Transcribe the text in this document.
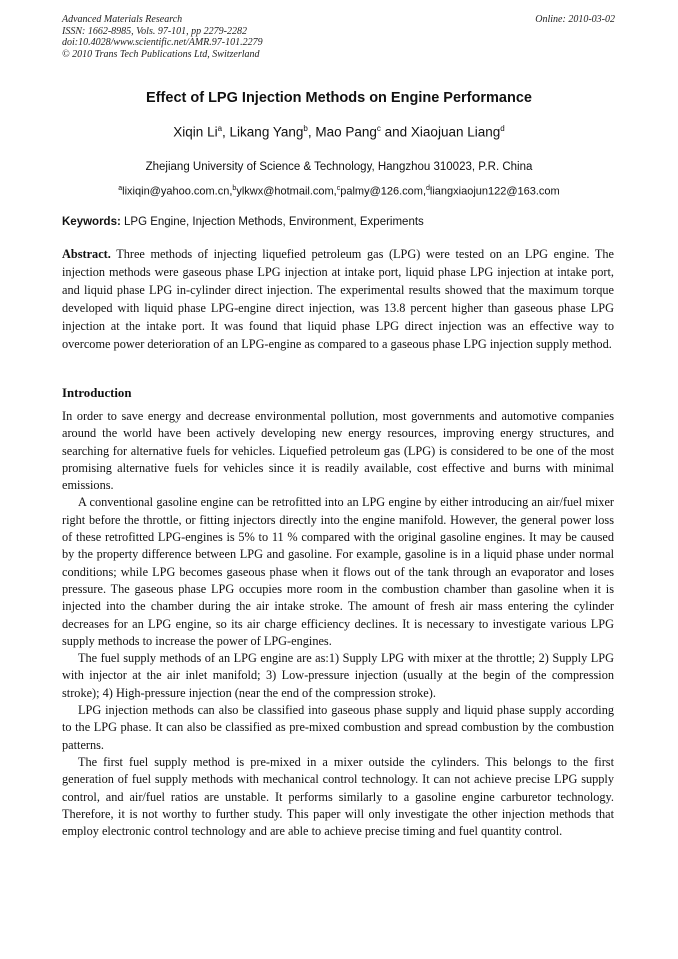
Advanced Materials Research
ISSN: 1662-8985, Vols. 97-101, pp 2279-2282
doi:10.4028/www.scientific.net/AMR.97-101.2279
© 2010 Trans Tech Publications Ltd, Switzerland
Online: 2010-03-02
Effect of LPG Injection Methods on Engine Performance
Xiqin Li$^a$, Likang Yang$^b$, Mao Pang$^c$ and Xiaojuan Liang$^d$
Zhejiang University of Science & Technology, Hangzhou 310023, P.R. China
$^a$lixiqin@yahoo.com.cn,$^b$ylkwx@hotmail.com,$^c$palmy@126.com,$^d$liangxiaojun122@163.com
Keywords: LPG Engine, Injection Methods, Environment, Experiments
Abstract. Three methods of injecting liquefied petroleum gas (LPG) were tested on an LPG engine. The injection methods were gaseous phase LPG injection at intake port, liquid phase LPG injection at intake port, and liquid phase LPG in-cylinder direct injection. The experimental results showed that the maximum torque developed with liquid phase LPG-engine direct injection, was 13.8 percent higher than gaseous phase LPG injection at the intake port. It was found that liquid phase LPG direct injection was an effective way to overcome power deterioration of an LPG-engine as compared to a gaseous phase LPG injection supply method.
Introduction

In order to save energy and decrease environmental pollution, most governments and automotive companies around the world have been actively developing new energy resources, improving energy structures, and searching for alternative fuels for vehicles. Liquefied petroleum gas (LPG) is considered to be one of the most promising alternative fuels for vehicles since it is readily available, cost effective and burns with minimal emissions.

A conventional gasoline engine can be retrofitted into an LPG engine by either introducing an air/fuel mixer right before the throttle, or fitting injectors directly into the engine manifold. However, the general power loss of these retrofitted LPG-engines is 5% to 11 % compared with the original gasoline engines. It may be caused by the property difference between LPG and gasoline. For example, gasoline is in a liquid phase under normal conditions; while LPG becomes gaseous phase when it flows out of the tank through an evaporator and loses pressure. The gaseous phase LPG occupies more room in the combustion chamber than gasoline when it is injected into the chamber during the air intake stroke. The amount of fresh air mass entering the cylinder decreases for an LPG engine, so its air charge efficiency declines. It is necessary to investigate various LPG supply methods to increase the power of LPG-engines.

The fuel supply methods of an LPG engine are as:1) Supply LPG with mixer at the throttle; 2) Supply LPG with injector at the air inlet manifold; 3) Low-pressure injection (usually at the begin of the compression stroke); 4) High-pressure injection (near the end of the compression stroke).

LPG injection methods can also be classified into gaseous phase supply and liquid phase supply according to the LPG phase. It can also be classified as pre-mixed combustion and spread combustion by the combustion patterns.

The first fuel supply method is pre-mixed in a mixer outside the cylinders. This belongs to the first generation of fuel supply methods with mechanical control technology. It can not achieve precise LPG supply control, and air/fuel ratios are unstable. It performs similarly to a gasoline engine carburetor technology. Therefore, it is not worthy to further study. This paper will only investigate the other injection methods that employ electronic control technology and are able to achieve precise timing and fuel quantity control.
